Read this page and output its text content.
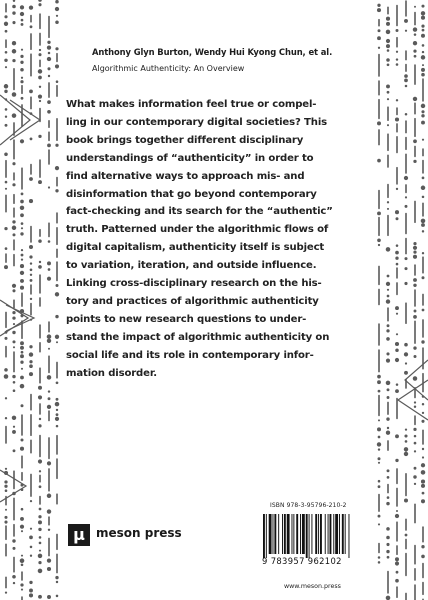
Anthony Glyn Burton, Wendy Hui Kyong Chun, et al.
Algorithmic Authenticity: An Overview
What makes information feel true or compel-
ling in our contemporary digital societies? This
book brings together different disciplinary
understandings of “authenticity” in order to
find alternative ways to approach mis- and
disinformation that go beyond contemporary
fact-checking and its search for the “authentic”
truth. Patterned under the algorithmic flows of
digital capitalism, authenticity itself is subject
to variation, iteration, and outside influence.
Linking cross-disciplinary research on the his-
tory and practices of algorithmic authenticity
points to new research questions to under-
stand the impact of algorithmic authenticity on
social life and its role in contemporary infor-
mation disorder.
ISBN 978-3-95796-210-2
9 783957 962102
μ meson press
www.meson.press
